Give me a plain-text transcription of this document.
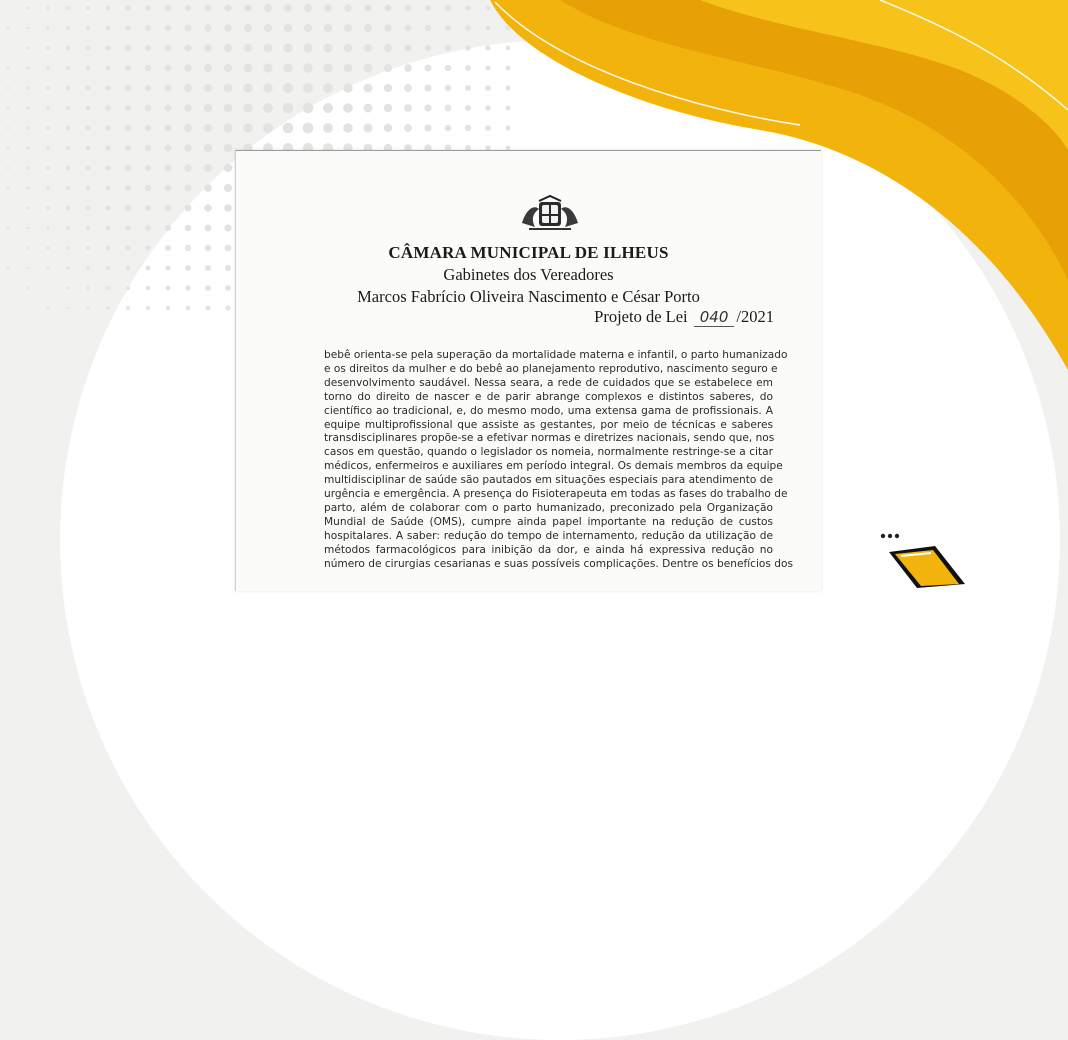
CÂMARA MUNICIPAL DE ILHEUS
Gabinetes dos Vereadores
Marcos Fabrício Oliveira Nascimento e César Porto
Projeto de Lei 040 /2021
bebê orienta-se pela superação da mortalidade materna e infantil, o parto humanizado
e os direitos da mulher e do bebê ao planejamento reprodutivo, nascimento seguro e
desenvolvimento saudável. Nessa seara, a rede de cuidados que se estabelece em
torno do direito de nascer e de parir abrange complexos e distintos saberes, do
científico ao tradicional, e, do mesmo modo, uma extensa gama de profissionais. A
equipe multiprofissional que assiste as gestantes, por meio de técnicas e saberes
transdisciplinares propõe-se a efetivar normas e diretrizes nacionais, sendo que, nos
casos em questão, quando o legislador os nomeia, normalmente restringe-se a citar
médicos, enfermeiros e auxiliares em período integral. Os demais membros da equipe
multidisciplinar de saúde são pautados em situações especiais para atendimento de
urgência e emergência. A presença do Fisioterapeuta em todas as fases do trabalho de
parto, além de colaborar com o parto humanizado, preconizado pela Organização
Mundial de Saúde (OMS), cumpre ainda papel importante na redução de custos
hospitalares. A saber: redução do tempo de internamento, redução da utilização de
métodos farmacológicos para inibição da dor, e ainda há expressiva redução no
número de cirurgias cesarianas e suas possíveis complicações. Dentre os benefícios dos
